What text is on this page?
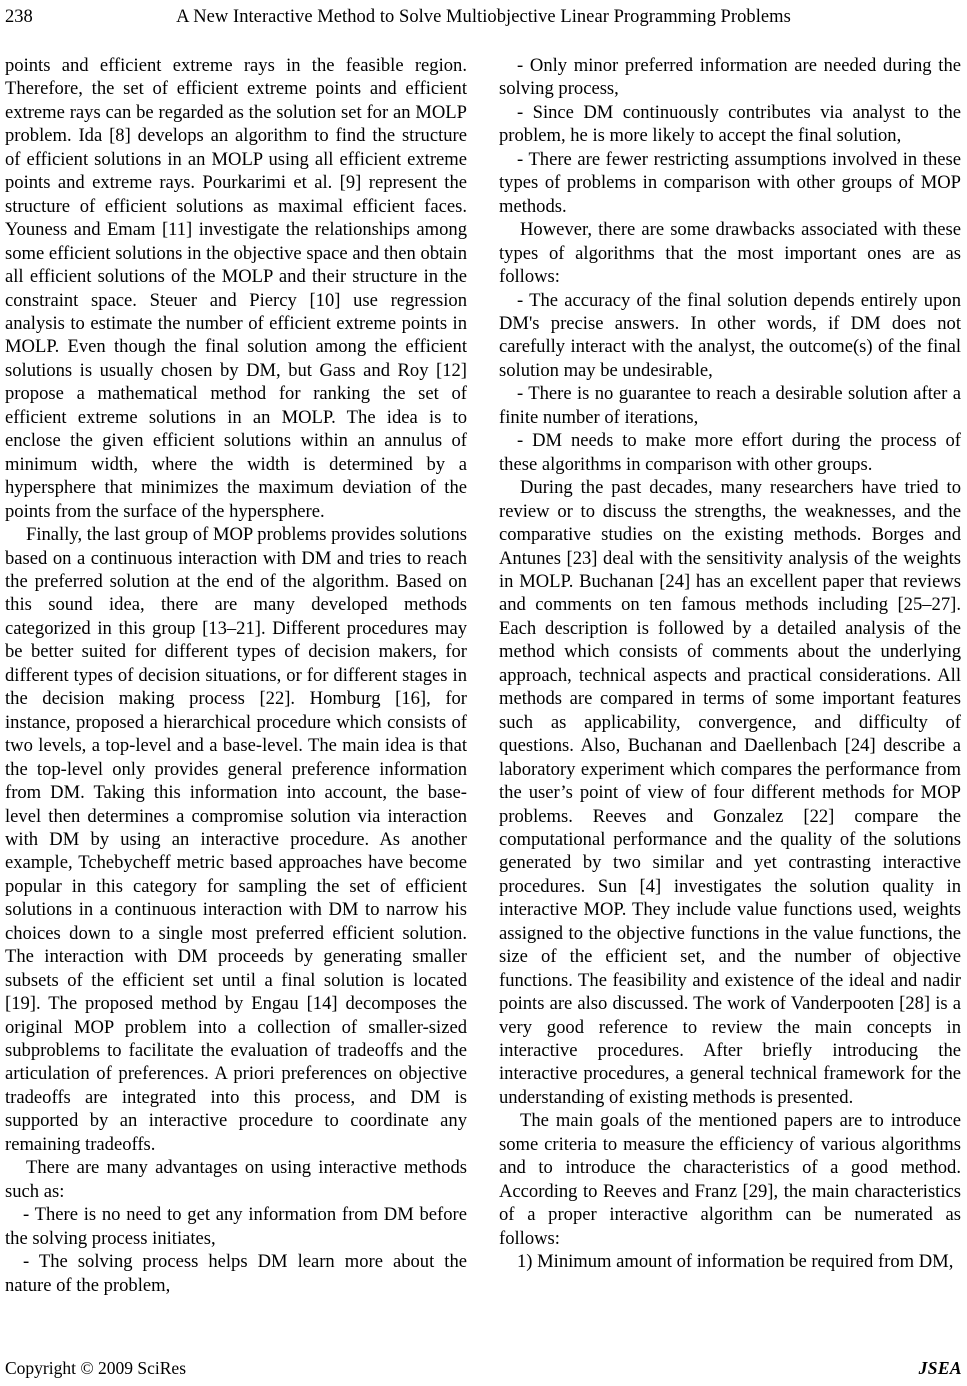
238	A New Interactive Method to Solve Multiobjective Linear Programming Problems

points and efficient extreme rays in the feasible region. Therefore, the set of efficient extreme points and efficient extreme rays can be regarded as the solution set for an MOLP problem. Ida [8] develops an algorithm to find the structure of efficient solutions in an MOLP using all efficient extreme points and extreme rays. Pourkarimi et al. [9] represent the structure of efficient solutions as maximal efficient faces. Youness and Emam [11] investigate the relationships among some efficient solutions in the objective space and then obtain all efficient solutions of the MOLP and their structure in the constraint space. Steuer and Piercy [10] use regression analysis to estimate the number of efficient extreme points in MOLP. Even though the final solution among the efficient solutions is usually chosen by DM, but Gass and Roy [12] propose a mathematical method for ranking the set of efficient extreme solutions in an MOLP. The idea is to enclose the given efficient solutions within an annulus of minimum width, where the width is determined by a hypersphere that minimizes the maximum deviation of the points from the surface of the hypersphere.

Finally, the last group of MOP problems provides solutions based on a continuous interaction with DM and tries to reach the preferred solution at the end of the algorithm. Based on this sound idea, there are many developed methods categorized in this group [13–21]. Different procedures may be better suited for different types of decision makers, for different types of decision situations, or for different stages in the decision making process [22]. Homburg [16], for instance, proposed a hierarchical procedure which consists of two levels, a top-level and a base-level. The main idea is that the top-level only provides general preference information from DM. Taking this information into account, the base-level then determines a compromise solution via interaction with DM by using an interactive procedure. As another example, Tchebycheff metric based approaches have become popular in this category for sampling the set of efficient solutions in a continuous interaction with DM to narrow his choices down to a single most preferred efficient solution. The interaction with DM proceeds by generating smaller subsets of the efficient set until a final solution is located [19]. The proposed method by Engau [14] decomposes the original MOP problem into a collection of smaller-sized subproblems to facilitate the evaluation of tradeoffs and the articulation of preferences. A priori preferences on objective tradeoffs are integrated into this process, and DM is supported by an interactive procedure to coordinate any remaining tradeoffs.

There are many advantages on using interactive methods such as:

- There is no need to get any information from DM before the solving process initiates,

- The solving process helps DM learn more about the nature of the problem,

- Only minor preferred information are needed during the solving process,

- Since DM continuously contributes via analyst to the problem, he is more likely to accept the final solution,

- There are fewer restricting assumptions involved in these types of problems in comparison with other groups of MOP methods.

However, there are some drawbacks associated with these types of algorithms that the most important ones are as follows:

- The accuracy of the final solution depends entirely upon DM's precise answers. In other words, if DM does not carefully interact with the analyst, the outcome(s) of the final solution may be undesirable,

- There is no guarantee to reach a desirable solution after a finite number of iterations,

- DM needs to make more effort during the process of these algorithms in comparison with other groups.

During the past decades, many researchers have tried to review or to discuss the strengths, the weaknesses, and the comparative studies on the existing methods. Borges and Antunes [23] deal with the sensitivity analysis of the weights in MOLP. Buchanan [24] has an excellent paper that reviews and comments on ten famous methods including [25–27]. Each description is followed by a detailed analysis of the method which consists of comments about the underlying approach, technical aspects and practical considerations. All methods are compared in terms of some important features such as applicability, convergence, and difficulty of questions. Also, Buchanan and Daellenbach [24] describe a laboratory experiment which compares the performance from the user’s point of view of four different methods for MOP problems. Reeves and Gonzalez [22] compare the computational performance and the quality of the solutions generated by two similar and yet contrasting interactive procedures. Sun [4] investigates the solution quality in interactive MOP. They include value functions used, weights assigned to the objective functions in the value functions, the size of the efficient set, and the number of objective functions. The feasibility and existence of the ideal and nadir points are also discussed. The work of Vanderpooten [28] is a very good reference to review the main concepts in interactive procedures. After briefly introducing the interactive procedures, a general technical framework for the understanding of existing methods is presented.

The main goals of the mentioned papers are to introduce some criteria to measure the efficiency of various algorithms and to introduce the characteristics of a good method. According to Reeves and Franz [29], the main characteristics of a proper interactive algorithm can be numerated as follows:

1) Minimum amount of information be required from DM,

Copyright © 2009 SciRes	JSEA
